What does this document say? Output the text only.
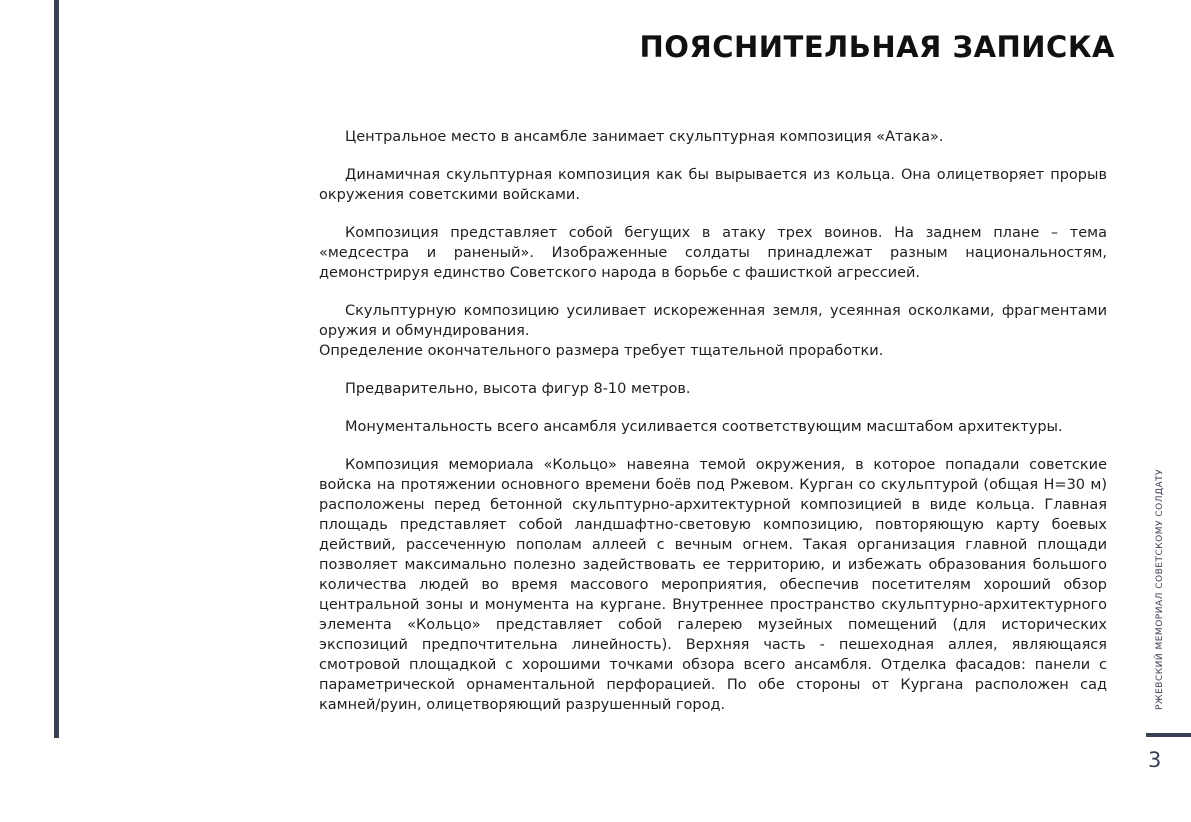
ПОЯСНИТЕЛЬНАЯ ЗАПИСКА

Центральное место в ансамбле занимает скульптурная композиция «Атака».

Динамичная скульптурная композиция как бы вырывается из кольца. Она олицетворяет прорыв окружения советскими войсками.

Композиция представляет собой бегущих в атаку трех воинов. На заднем плане – тема «медсестра и раненый». Изображенные солдаты принадлежат разным национальностям, демонстрируя единство Советского народа в борьбе с фашисткой агрессией.

Скульптурную композицию усиливает искореженная земля, усеянная осколками, фрагментами оружия и обмундирования.

Определение окончательного размера требует тщательной проработки.

Предварительно, высота фигур 8-10 метров.

Монументальность всего ансамбля усиливается соответствующим масштабом архитектуры.

Композиция мемориала «Кольцо» навеяна темой окружения, в которое попадали советские войска на протяжении основного времени боёв под Ржевом. Курган со скульптурой (общая Н=30 м) расположены перед бетонной скульптурно-архитектурной композицией в виде кольца. Главная площадь представляет собой ландшафтно-световую композицию, повторяющую карту боевых действий, рассеченную пополам аллеей с вечным огнем. Такая организация главной площади позволяет максимально полезно задействовать ее территорию, и избежать образования большого количества людей во время массового мероприятия, обеспечив посетителям хороший обзор центральной зоны и монумента на кургане. Внутреннее пространство скульптурно-архитектурного элемента «Кольцо» представляет собой галерею музейных помещений (для исторических экспозиций предпочтительна линейность). Верхняя часть - пешеходная аллея, являющаяся смотровой площадкой с хорошими точками обзора всего ансамбля. Отделка фасадов: панели с параметрической орнаментальной перфорацией. По обе стороны от Кургана расположен сад камней/руин, олицетворяющий разрушенный город.	РЖЕВСКИЙ МЕМОРИАЛ СОВЕТСКОМУ СОЛДАТУ
3
